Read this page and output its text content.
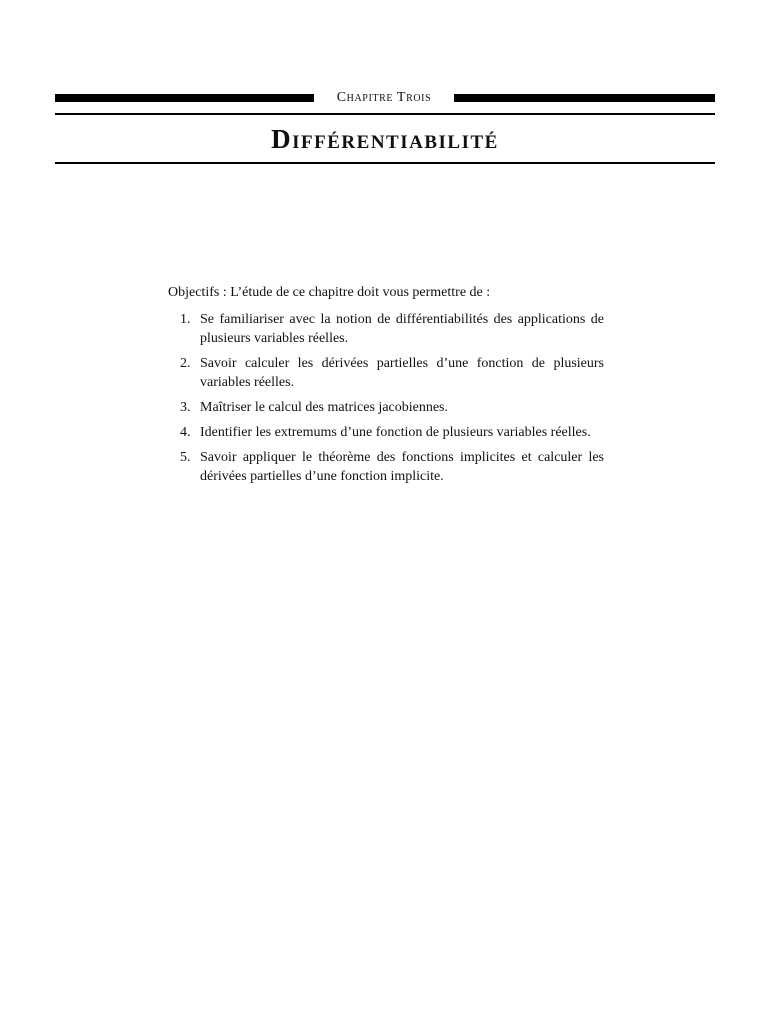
Chapitre Trois
Différentiabilité

Objectifs : L’étude de ce chapitre doit vous permettre de :

1. Se familiariser avec la notion de différentiabilités des applications de plusieurs variables réelles.
2. Savoir calculer les dérivées partielles d’une fonction de plusieurs variables réelles.
3. Maîtriser le calcul des matrices jacobiennes.
4. Identifier les extremums d’une fonction de plusieurs variables réelles.
5. Savoir appliquer le théorème des fonctions implicites et calculer les dérivées partielles d’une fonction implicite.
